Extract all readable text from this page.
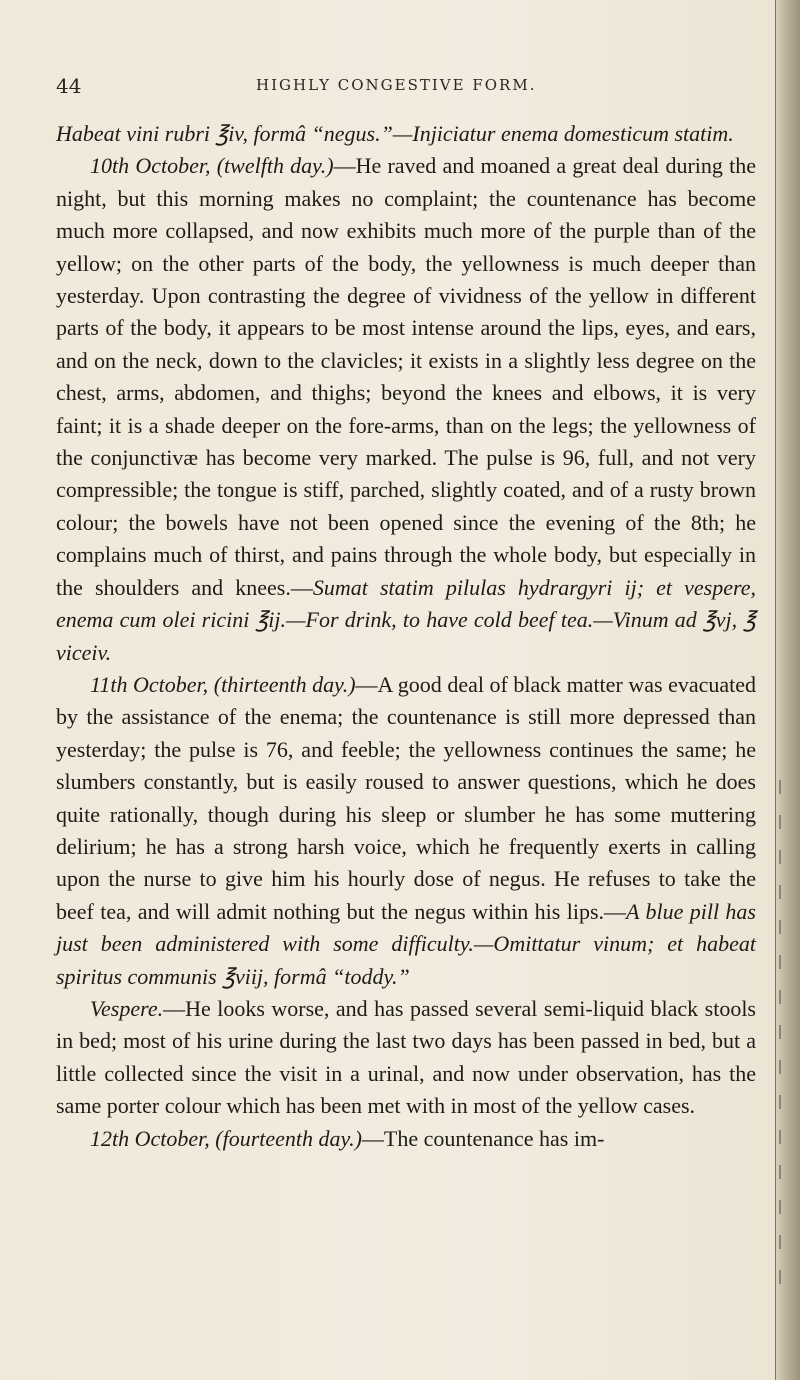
44	HIGHLY CONGESTIVE FORM.

Habeat vini rubri ℥iv, formâ “negus.”—Injiciatur enema domesticum statim.

10th October, (twelfth day.)—He raved and moaned a great deal during the night, but this morning makes no complaint; the countenance has become much more collapsed, and now exhibits much more of the purple than of the yellow; on the other parts of the body, the yellowness is much deeper than yesterday. Upon contrasting the degree of vividness of the yellow in different parts of the body, it appears to be most intense around the lips, eyes, and ears, and on the neck, down to the clavicles; it exists in a slightly less degree on the chest, arms, abdomen, and thighs; beyond the knees and elbows, it is very faint; it is a shade deeper on the fore-arms, than on the legs; the yellowness of the conjunctivæ has become very marked. The pulse is 96, full, and not very compressible; the tongue is stiff, parched, slightly coated, and of a rusty brown colour; the bowels have not been opened since the evening of the 8th; he complains much of thirst, and pains through the whole body, but especially in the shoulders and knees.—Sumat statim pilulas hydrargyri ij; et vespere, enema cum olei ricini ℥ij.—For drink, to have cold beef tea.—Vinum ad ℥vj, ℥ viceiv.

11th October, (thirteenth day.)—A good deal of black matter was evacuated by the assistance of the enema; the countenance is still more depressed than yesterday; the pulse is 76, and feeble; the yellowness continues the same; he slumbers constantly, but is easily roused to answer questions, which he does quite rationally, though during his sleep or slumber he has some muttering delirium; he has a strong harsh voice, which he frequently exerts in calling upon the nurse to give him his hourly dose of negus. He refuses to take the beef tea, and will admit nothing but the negus within his lips.—A blue pill has just been administered with some difficulty.—Omittatur vinum; et habeat spiritus communis ℥viij, formâ “toddy.”

Vespere.—He looks worse, and has passed several semi-liquid black stools in bed; most of his urine during the last two days has been passed in bed, but a little collected since the visit in a urinal, and now under observation, has the same porter colour which has been met with in most of the yellow cases.

12th October, (fourteenth day.)—The countenance has im-
